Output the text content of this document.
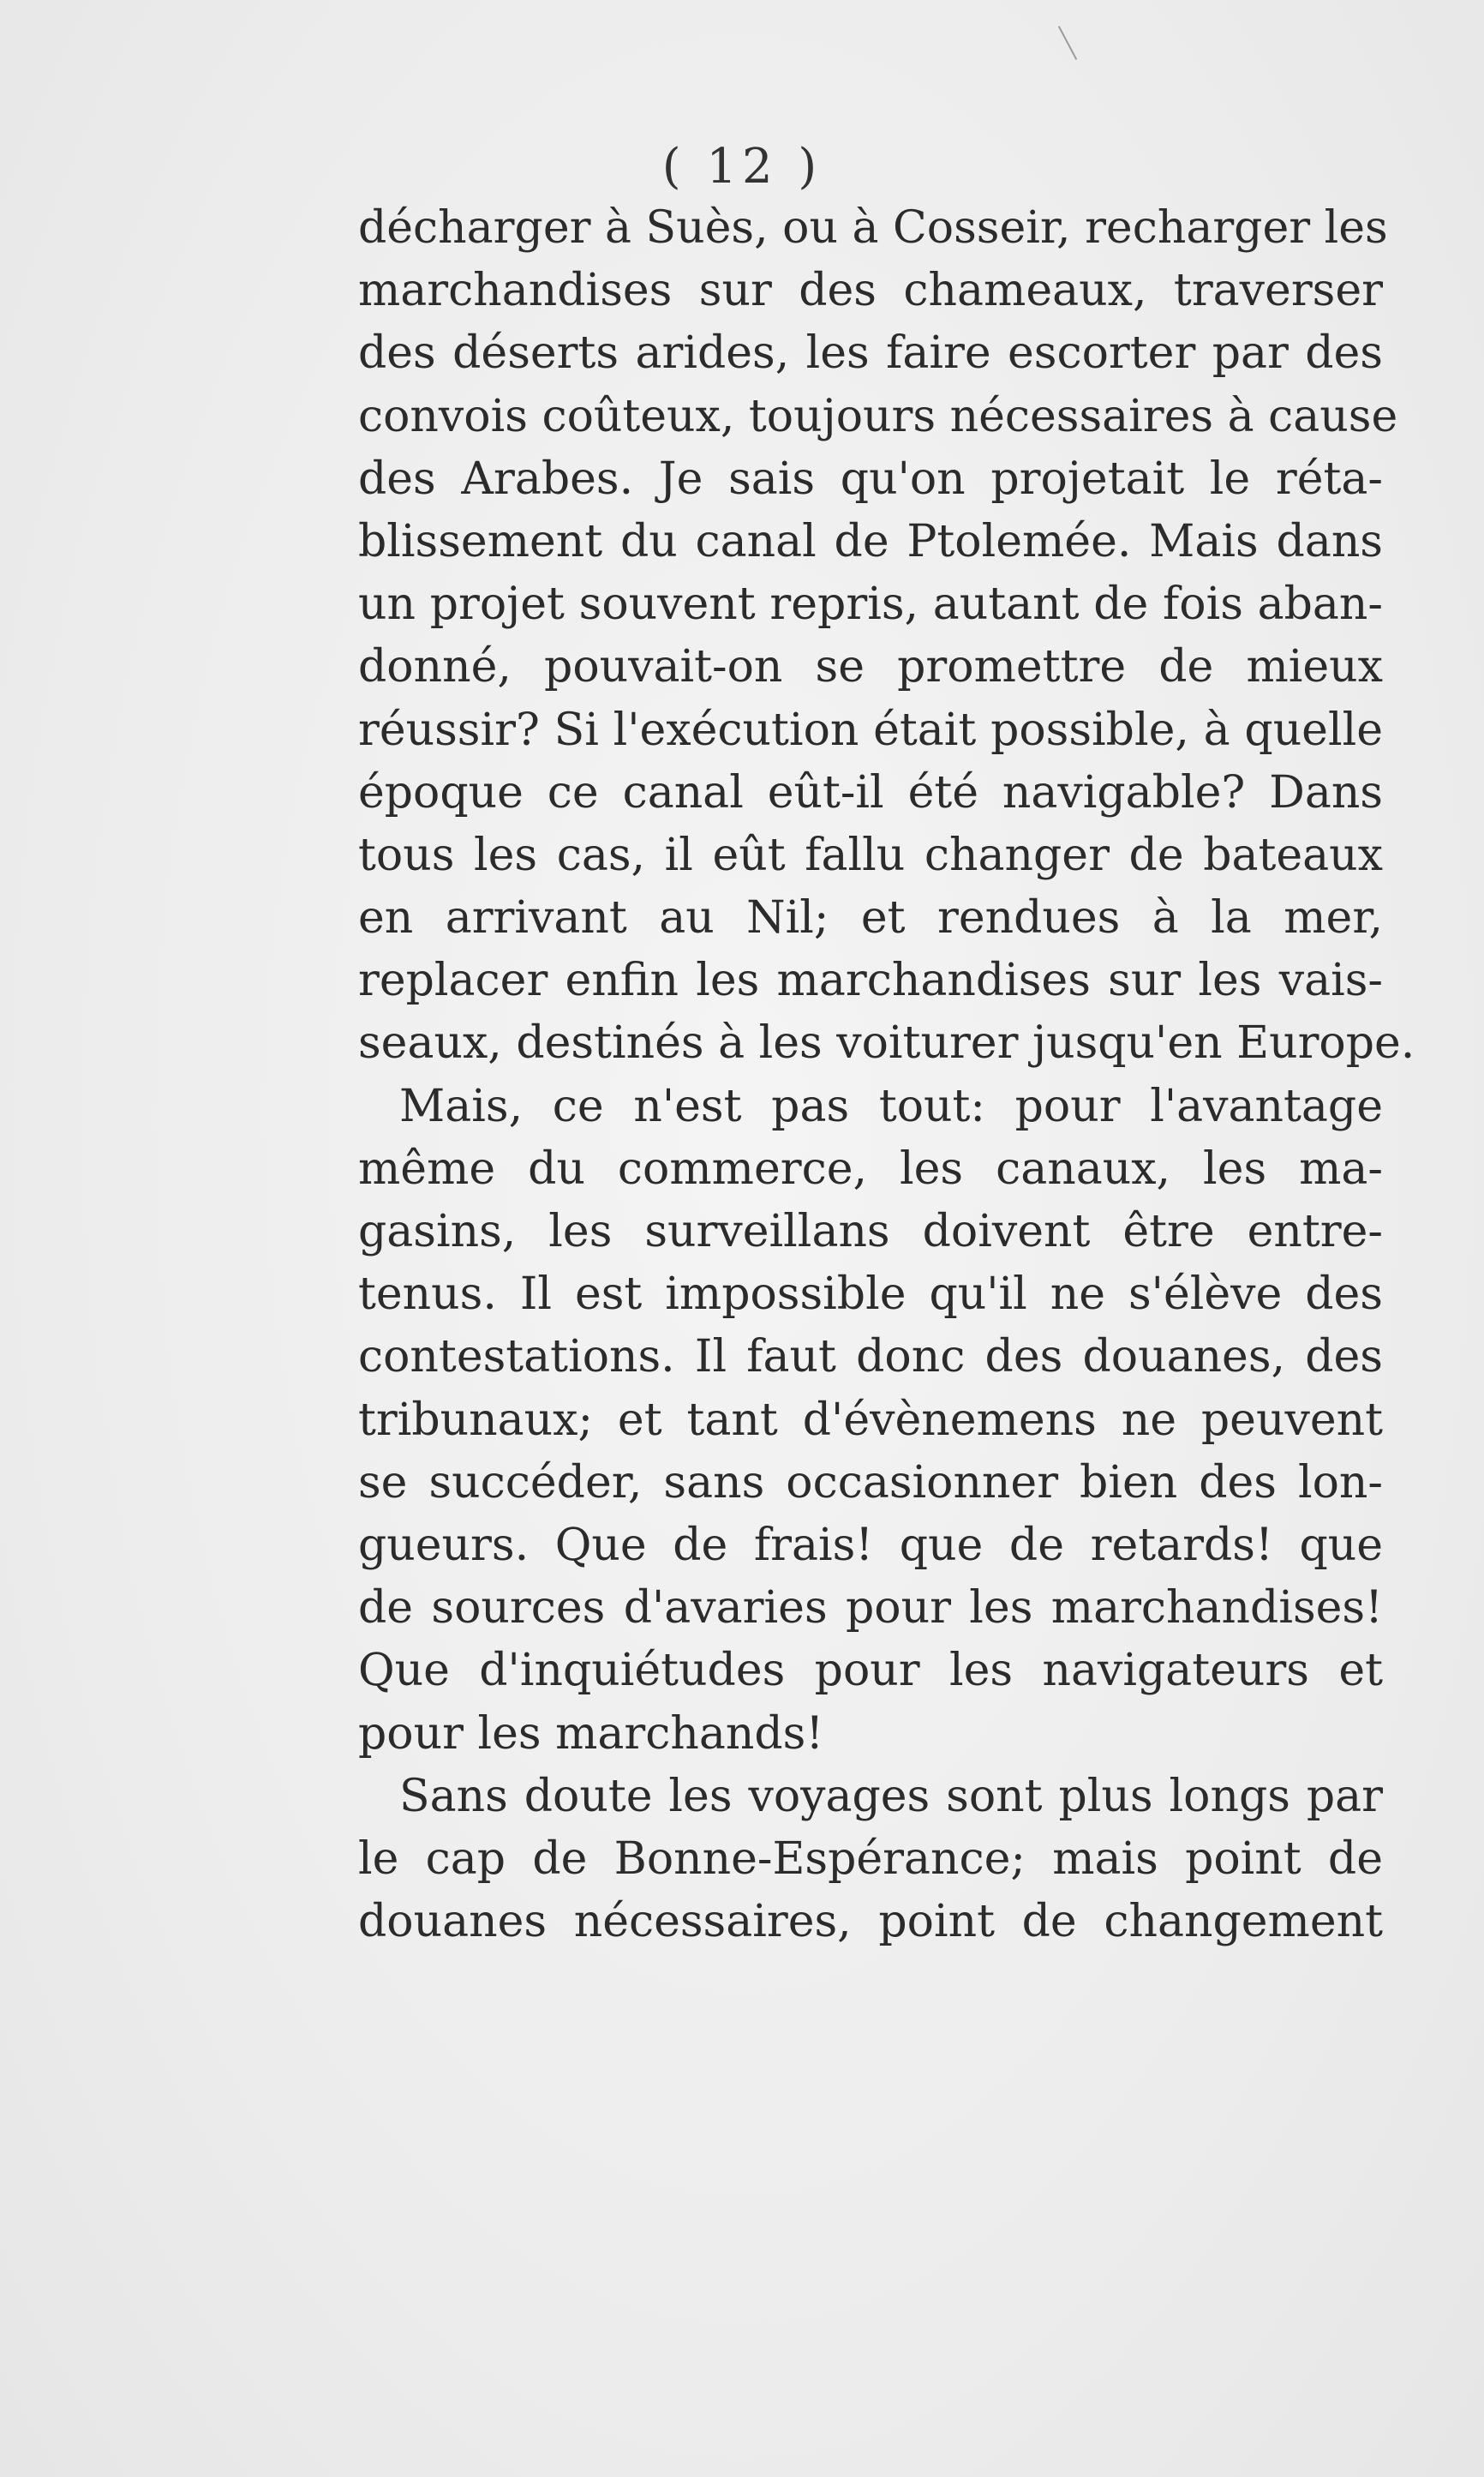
( 12 )
décharger à Suès, ou à Cosseir, recharger les
marchandises sur des chameaux, traverser
des déserts arides, les faire escorter par des
convois coûteux, toujours nécessaires à cause
des Arabes. Je sais qu'on projetait le réta-
blissement du canal de Ptolemée. Mais dans
un projet souvent repris, autant de fois aban-
donné, pouvait-on se promettre de mieux
réussir? Si l'exécution était possible, à quelle
époque ce canal eût-il été navigable? Dans
tous les cas, il eût fallu changer de bateaux
en arrivant au Nil; et rendues à la mer,
replacer enfin les marchandises sur les vais-
seaux, destinés à les voiturer jusqu'en Europe.
Mais, ce n'est pas tout: pour l'avantage
même du commerce, les canaux, les ma-
gasins, les surveillans doivent être entre-
tenus. Il est impossible qu'il ne s'élève des
contestations. Il faut donc des douanes, des
tribunaux; et tant d'évènemens ne peuvent
se succéder, sans occasionner bien des lon-
gueurs. Que de frais! que de retards! que
de sources d'avaries pour les marchandises!
Que d'inquiétudes pour les navigateurs et
pour les marchands!
Sans doute les voyages sont plus longs par
le cap de Bonne-Espérance; mais point de
douanes nécessaires, point de changement
